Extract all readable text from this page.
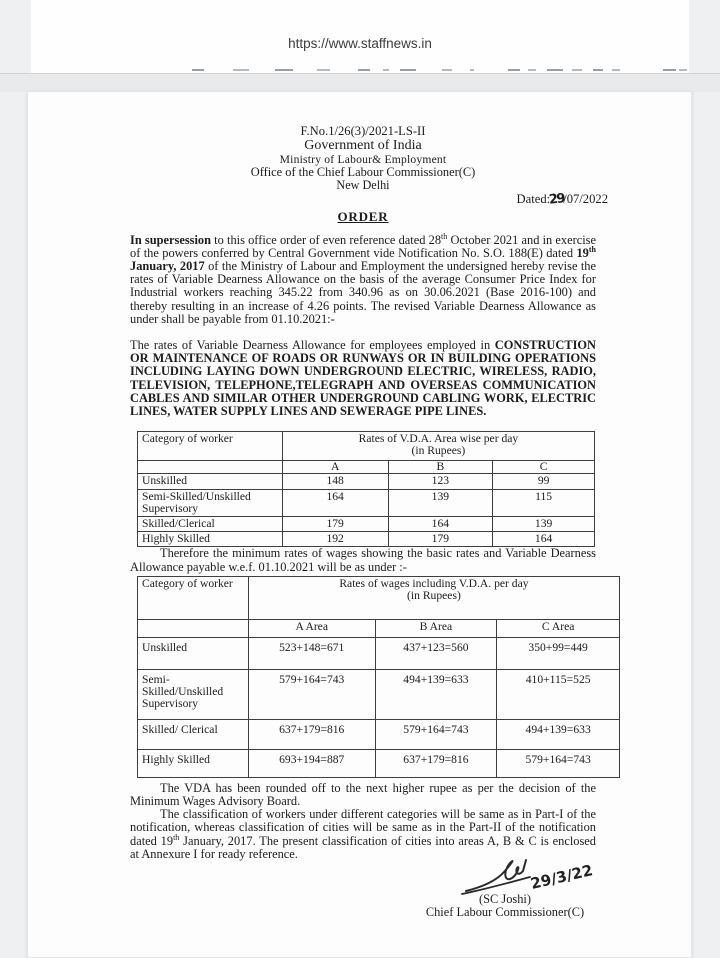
https://www.staffnews.in
F.No.1/26(3)/2021-LS-II
Government of India
Ministry of Labour& Employment
Office of the Chief Labour Commissioner(C)
New Delhi
Dated:29/07/2022
ORDER

In supersession to this office order of even reference dated 28th October 2021 and in exercise of the powers conferred by Central Government vide Notification No. S.O. 188(E) dated 19th January, 2017 of the Ministry of Labour and Employment the undersigned hereby revise the rates of Variable Dearness Allowance on the basis of the average Consumer Price Index for Industrial workers reaching 345.22 from 340.96 as on 30.06.2021 (Base 2016-100) and thereby resulting in an increase of 4.26 points. The revised Variable Dearness Allowance as under shall be payable from 01.10.2021:-

The rates of Variable Dearness Allowance for employees employed in CONSTRUCTION OR MAINTENANCE OF ROADS OR RUNWAYS OR IN BUILDING OPERATIONS INCLUDING LAYING DOWN UNDERGROUND ELECTRIC, WIRELESS, RADIO, TELEVISION, TELEPHONE,TELEGRAPH AND OVERSEAS COMMUNICATION CABLES AND SIMILAR OTHER UNDERGROUND CABLING WORK, ELECTRIC LINES, WATER SUPPLY LINES AND SEWERAGE PIPE LINES.

Category of worker	Rates of V.D.A. Area wise per day
(in Rupees)		
	A	B	C
Unskilled	148	123	99
Semi-Skilled/Unskilled Supervisory	164	139	115
Skilled/Clerical	179	164	139
Highly Skilled	192	179	164

Therefore the minimum rates of wages showing the basic rates and Variable Dearness Allowance payable w.e.f. 01.10.2021 will be as under :-

Category of worker	Rates of wages including V.D.A. per day
(in Rupees)		
	A Area	B Area	C Area
Unskilled	523+148=671	437+123=560	350+99=449
Semi-Skilled/Unskilled Supervisory	579+164=743	494+139=633	410+115=525
Skilled/ Clerical	637+179=816	579+164=743	494+139=633
Highly Skilled	693+194=887	637+179=816	579+164=743

The VDA has been rounded off to the next higher rupee as per the decision of the Minimum Wages Advisory Board.

The classification of workers under different categories will be same as in Part-I of the notification, whereas classification of cities will be same as in the Part-II of the notification dated 19th January, 2017. The present classification of cities into areas A, B & C is enclosed at Annexure I for ready reference.

29/3/22
(SC Joshi)
Chief Labour Commissioner(C)
